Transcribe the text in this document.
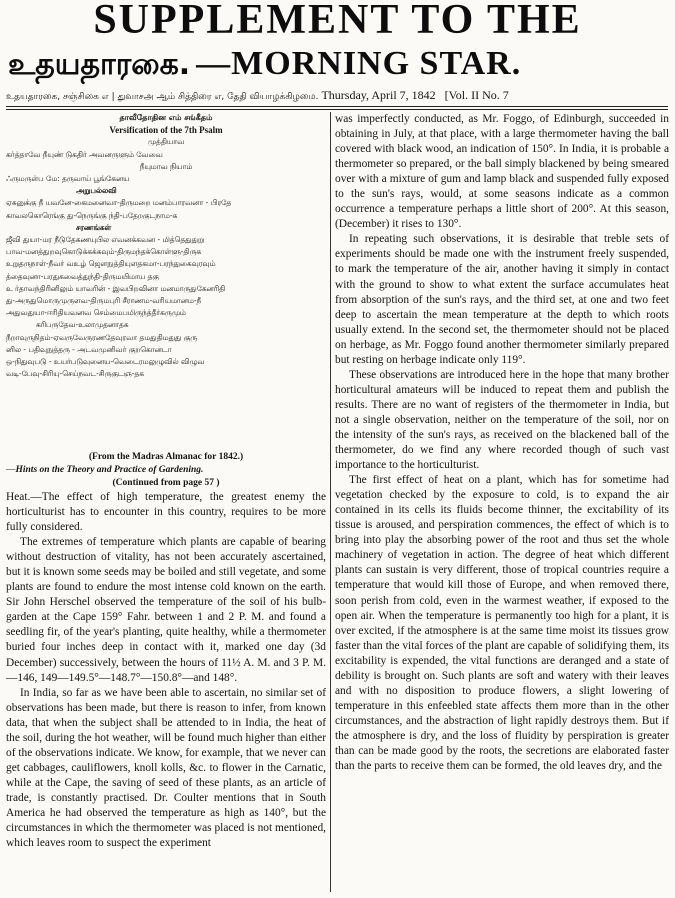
SUPPLEMENT TO THE
உதயதாரகை. —MORNING STAR.
உதயதாரகை, சஞ்சிகை எ | துவாசஅ ஆம் சித்திரை எ, தேதி வியாழக்கிழமை. Thursday, April 7, 1842 [Vol. II No. 7
தாவீதோதின எம் சங்கீதம்
Versification of the 7th Psalm
முத்தியாவ
கர்த்தாவே நீயுண் டுகதிர் அவனருளும் வேவை
நீயுமாவ நியாம்
ஃருமருள்ப மே: தருவாய் பூங்கேனய
அறுபல்லவி
ஏகனுக்கு நீ யவனே-கைமனைவா-திருமறை மனம்பாரவனா - பிரதே
காவலகொரெங்கு து-நெருங்கு ந்தி-பதேறகுடநாம-க
சரணங்கள்
ஜீவி துயா-மர நீடுதேகணயுபில எவனக்கவன - மித்தெதுதுறு
பாவ-மனத்துறவுகொடுக்கக்கவும்-திருமந்தக்கொள்ளு-திருக
உறுதருநாள்-நீவர் வஉழ் ஜெளநுத்தியுளதகமா-பரந்துகைவுரவும்
த்தைவுனா-பரதுகவைத்துந்தி-திருமயிமாய தகு
உ ர்தாவந்திரினிலும் யாவரின் - இவபிறவினா மனமாருதுகேனரிதி
து-அருதுமொருமுருளவ-திருமபுரி சீராணம-வரியமானம-நீ
அதுவதுயா-ஈரிதியவனவ செம்மைபமிருந்த்தீர்கருமும்
கரிபருதேவ-உலாமுதனாதக
நீறாவுருநிதம்-ஏவருவேருரணதேவுரவா தமதுதிமதுது குரு
னில - பதிவுநுத்தரு - அடவமுனிவர் குறகொனடா
ஒ-நிதுவுபடு - உயர்படுவுனைய-வெடைரமலுழுவில் விழுவ
வடி-பேவு-சிரியு-செய்நவட-சிருகுடஞ-தக
(From the Madras Almanac for 1842.)
—Hints on the Theory and Practice of Gardening.
(Continued from page 57 )

Heat.—The effect of high temperature, the greatest enemy the horticulturist has to encounter in this country, requires to be more fully considered.

The extremes of temperature which plants are capable of bearing without destruction of vitality, has not been accurately ascertained, but it is known some seeds may be boiled and still vegetate, and some plants are found to endure the most intense cold known on the earth. Sir John Herschel observed the temperature of the soil of his bulb-garden at the Cape 159° Fahr. between 1 and 2 P. M. and found a seedling fir, of the year's planting, quite healthy, while a thermometer buried four inches deep in contact with it, marked one day (3d December) successively, between the hours of 11½ A. M. and 3 P. M.—146, 149—149.5°—148.7°—150.8°—and 148°.

In India, so far as we have been able to ascertain, no similar set of observations has been made, but there is reason to infer, from known data, that when the subject shall be attended to in India, the heat of the soil, during the hot weather, will be found much higher than either of the observations indicate. We know, for example, that we never can get cabbages, cauliflowers, knoll kolls, &c. to flower in the Carnatic, while at the Cape, the saving of seed of these plants, as an article of trade, is constantly practised. Dr. Coulter mentions that in South America he had observed the temperature as high as 140°, but the circumstances in which the thermometer was placed is not mentioned, which leaves room to suspect the experiment

was imperfectly conducted, as Mr. Foggo, of Edinburgh, succeeded in obtaining in July, at that place, with a large thermometer having the ball covered with black wood, an indication of 150°. In India, it is probable a thermometer so prepared, or the ball simply blackened by being smeared over with a mixture of gum and lamp black and suspended fully exposed to the sun's rays, would, at some seasons indicate as a common occurrence a temperature perhaps a little short of 200°. At this season, (December) it rises to 130°.

In repeating such observations, it is desirable that treble sets of experiments should be made one with the instrument freely suspended, to mark the temperature of the air, another having it simply in contact with the ground to show to what extent the surface accumulates heat from absorption of the sun's rays, and the third set, at one and two feet deep to ascertain the mean temperature at the depth to which roots usually extend. In the second set, the thermometer should not be placed on herbage, as Mr. Foggo found another thermometer similarly prepared but resting on herbage indicate only 119°.

These observations are introduced here in the hope that many brother horticultural amateurs will be induced to repeat them and publish the results. There are no want of registers of the thermometer in India, but not a single observation, neither on the temperature of the soil, nor on the intensity of the sun's rays, as received on the blackened ball of the thermometer, do we find any where recorded though of such vast importance to the horticulturist.

The first effect of heat on a plant, which has for sometime had vegetation checked by the exposure to cold, is to expand the air contained in its cells its fluids become thinner, the excitability of its tissue is aroused, and perspiration commences, the effect of which is to bring into play the absorbing power of the root and thus set the whole machinery of vegetation in action. The degree of heat which different plants can sustain is very different, those of tropical countries require a temperature that would kill those of Europe, and when removed there, soon perish from cold, even in the warmest weather, if exposed to the open air. When the temperature is permanently too high for a plant, it is over excited, if the atmosphere is at the same time moist its tissues grow faster than the vital forces of the plant are capable of solidifying them, its excitability is expended, the vital functions are deranged and a state of debility is brought on. Such plants are soft and watery with their leaves and with no disposition to produce flowers, a slight lowering of temperature in this enfeebled state affects them more than in the other circumstances, and the abstraction of light rapidly destroys them. But if the atmosphere is dry, and the loss of fluidity by perspiration is greater than can be made good by the roots, the secretions are elaborated faster than the parts to receive them can be formed, the old leaves dry, and the
